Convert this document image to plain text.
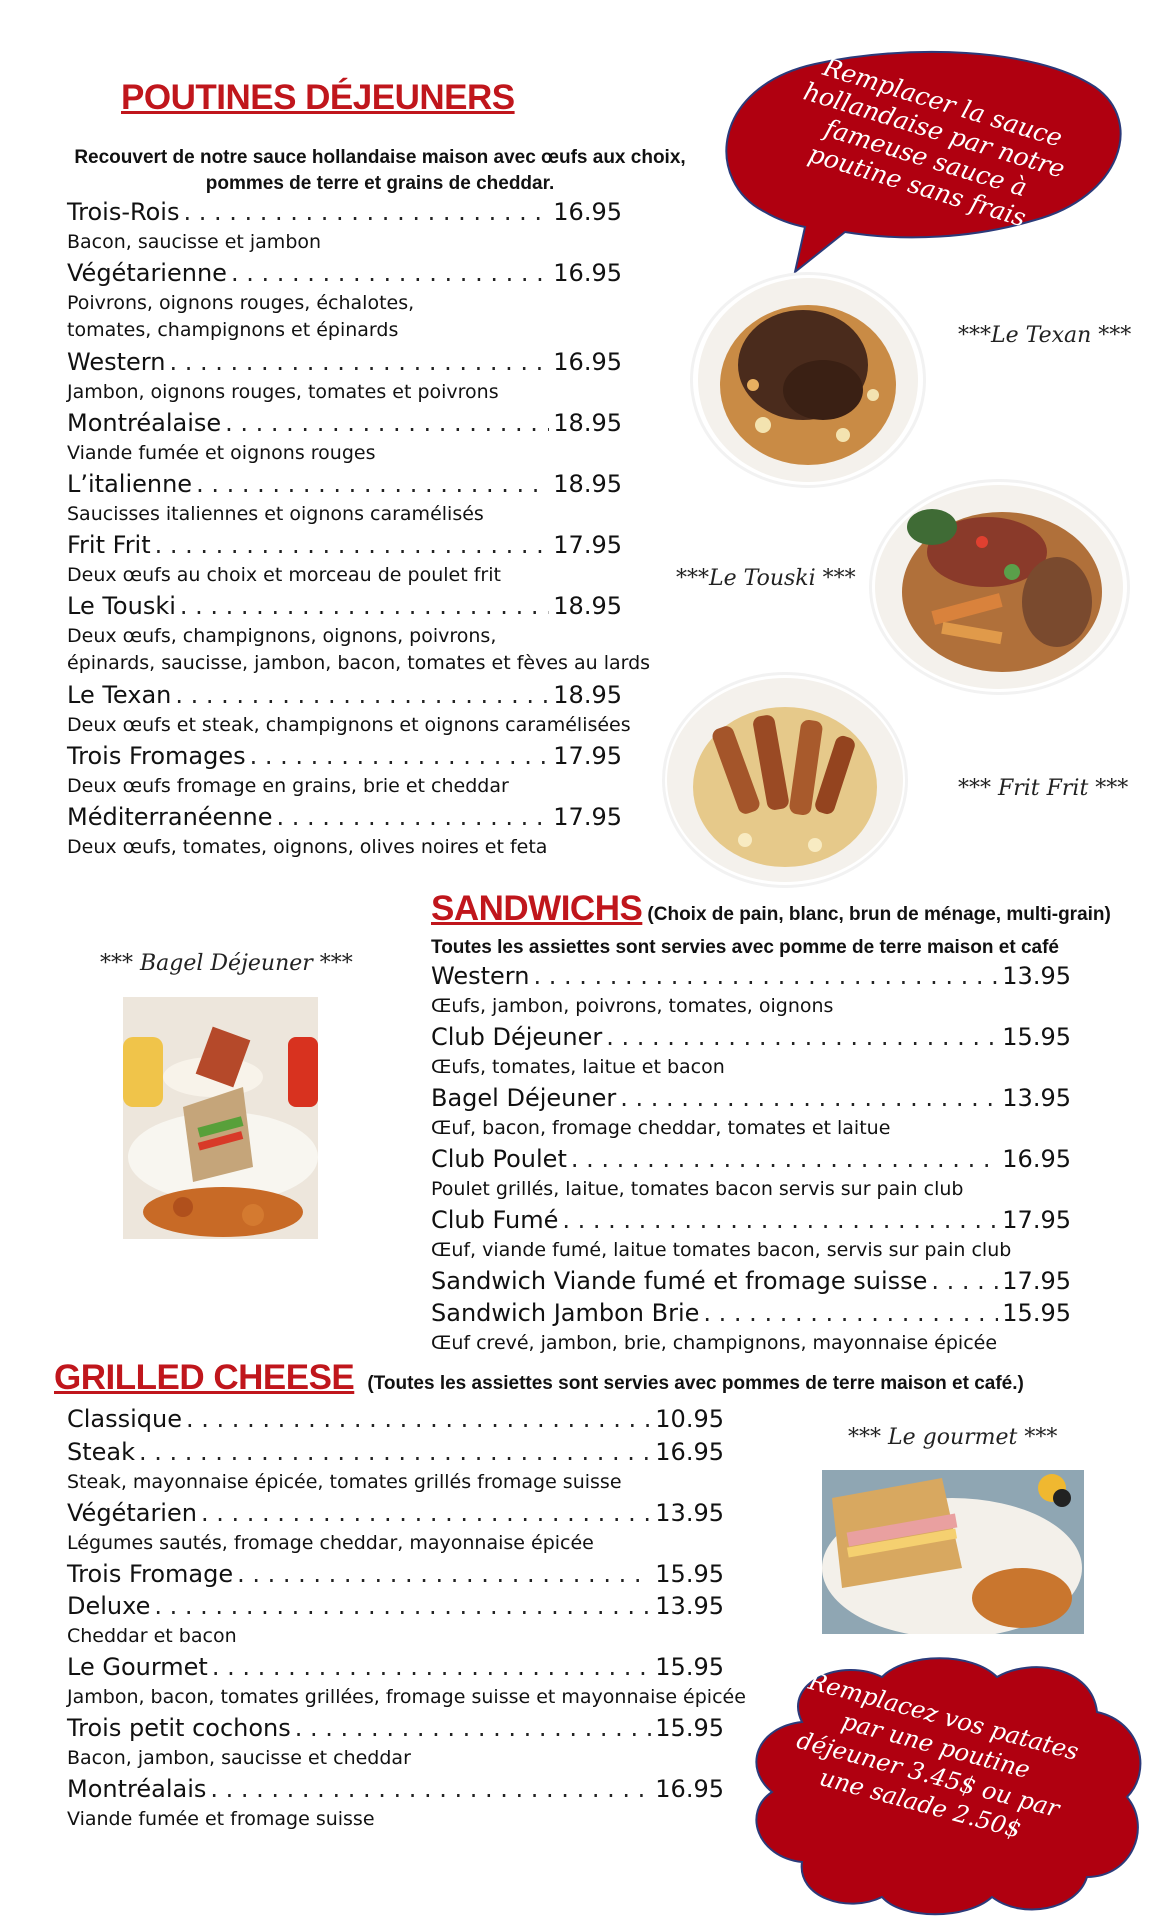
POUTINES DÉJEUNERS
Recouvert de notre sauce hollandaise maison avec œufs aux choix,
pommes de terre et grains de cheddar.
Trois-Rois . . .	16.95
Bacon, saucisse et jambon
Végétarienne . . .	16.95
Poivrons, oignons rouges, échalotes,
tomates, champignons et épinards
Western . . .	16.95
Jambon, oignons rouges, tomates et poivrons
Montréalaise . . .	18.95
Viande fumée et oignons rouges
L’italienne . . .	18.95
Saucisses italiennes et oignons caramélisés
Frit Frit . . .	17.95
Deux œufs au choix et morceau de poulet frit
Le Touski . . .	18.95
Deux œufs, champignons, oignons, poivrons,
épinards, saucisse, jambon, bacon, tomates et fèves au lards
Le Texan . . .	18.95
Deux œufs et steak, champignons et oignons caramélisées
Trois Fromages . . .	17.95
Deux œufs fromage en grains, brie et cheddar
Méditerranéenne . . .	17.95
Deux œufs, tomates, oignons, olives noires et feta
Remplacer la sauce hollandaise par notre fameuse sauce à poutine sans frais
***Le Texan ***
***Le Touski ***
*** Frit Frit ***
SANDWICHS (Choix de pain, blanc, brun de ménage, multi-grain)
Toutes les assiettes sont servies avec pomme de terre maison et café
Western . . .	13.95
Œufs, jambon, poivrons, tomates, oignons
Club Déjeuner . . .	15.95
Œufs, tomates, laitue et bacon
Bagel Déjeuner . . .	13.95
Œuf, bacon, fromage cheddar, tomates et laitue
Club Poulet . . .	16.95
Poulet grillés, laitue, tomates bacon servis sur pain club
Club Fumé . . .	17.95
Œuf, viande fumé, laitue tomates bacon, servis sur pain club
Sandwich Viande fumé et fromage suisse . . .	17.95
Sandwich Jambon Brie . . .	15.95
Œuf crevé, jambon, brie, champignons, mayonnaise épicée
*** Bagel Déjeuner ***
GRILLED CHEESE (Toutes les assiettes sont servies avec pommes de terre maison et café.)
Classique . . .	10.95
Steak . . .	16.95
Steak, mayonnaise épicée, tomates grillés fromage suisse
Végétarien . . .	13.95
Légumes sautés, fromage cheddar, mayonnaise épicée
Trois Fromage . . .	15.95
Deluxe . . .	13.95
Cheddar et bacon
Le Gourmet . . .	15.95
Jambon, bacon, tomates grillées, fromage suisse et mayonnaise épicée
Trois petit cochons . . .	15.95
Bacon, jambon, saucisse et cheddar
Montréalais . . .	16.95
Viande fumée et fromage suisse
*** Le gourmet ***
Remplacez vos patates par une poutine déjeuner 3.45$ ou par une salade 2.50$
